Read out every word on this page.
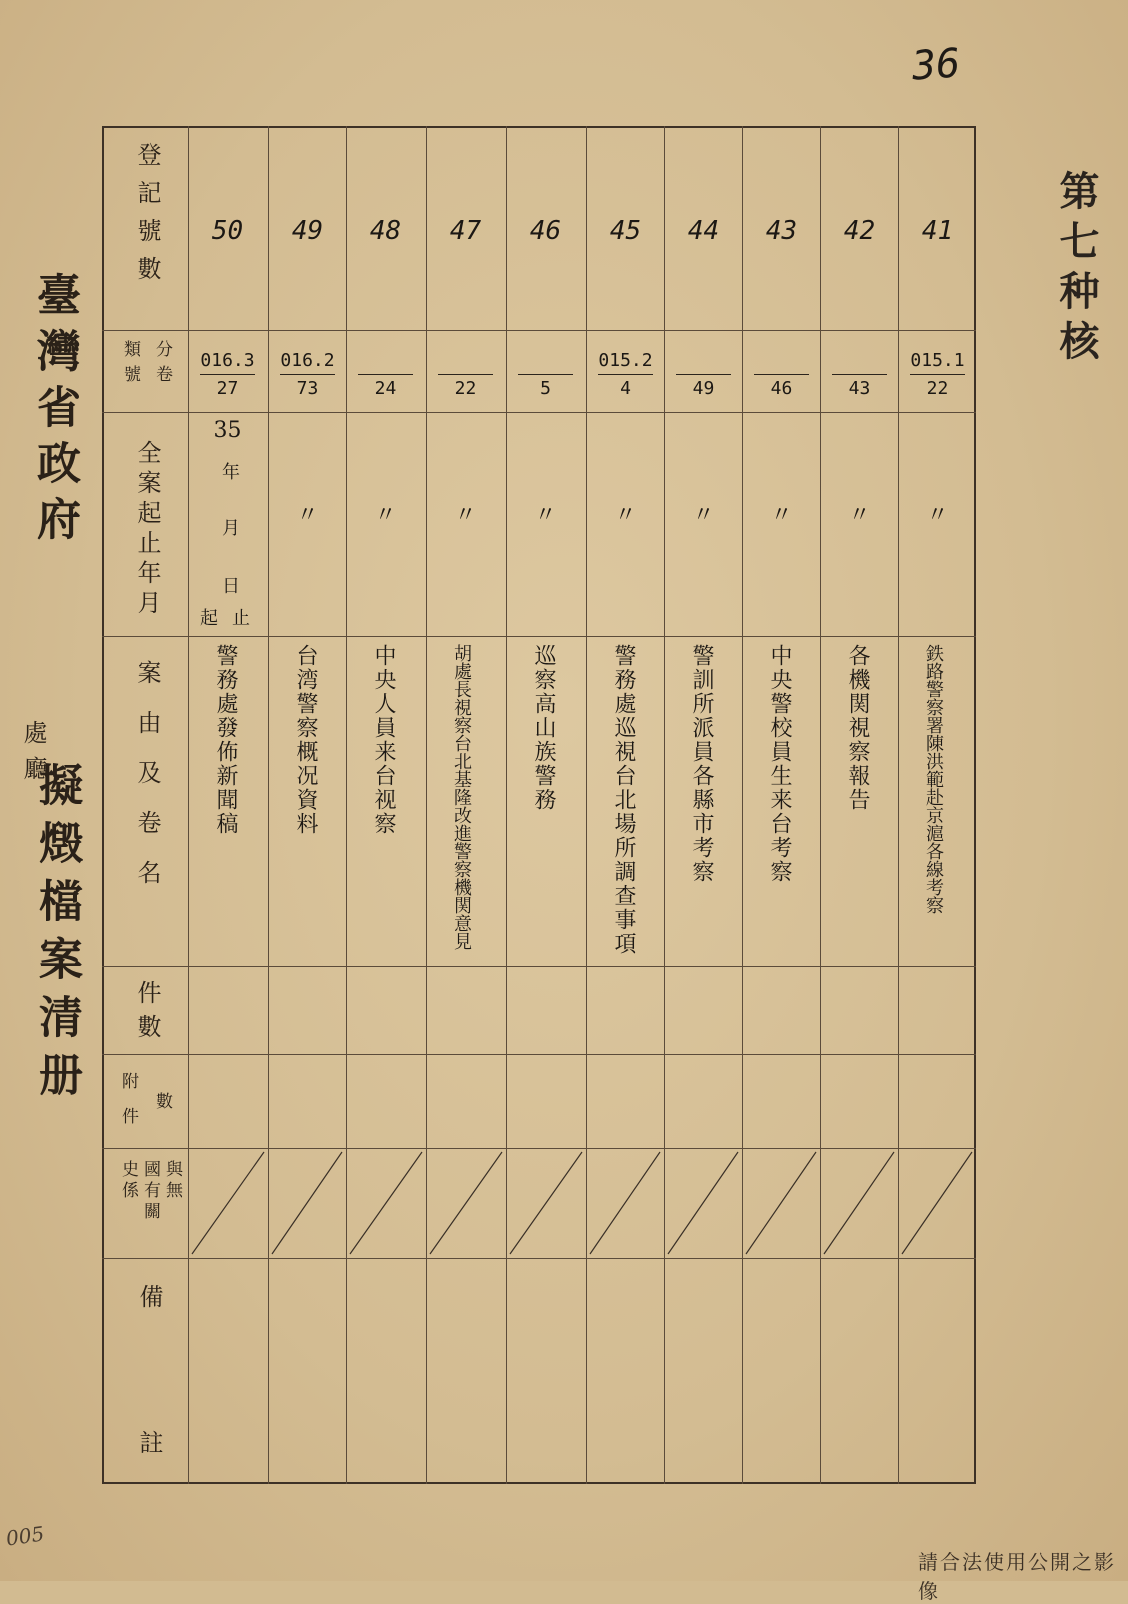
36
臺灣省政府
處廳
擬燬檔案清册
第七种核
登記號數
分卷
類號
全案起止年月
案由及卷名
件數
附件 數
與無
國有關
史係
備
註
年
月
日
起 止
50
016.3
27
35
警務處發佈新聞稿
49
016.2
73
〃
台湾警察概况資料
48
24
〃
中央人員来台视察
47
22
〃
胡處長視察台北基隆改進警察機関意見
46
5
〃
巡察高山族警務
45
015.2
4
〃
警務處巡視台北場所調查事項
44
49
〃
警訓所派員各縣市考察
43
46
〃
中央警校員生来台考察
42
43
〃
各機関視察報告
41
015.1
22
〃
鉄路警察署陳洪範赴京滬各線考察
請合法使用公開之影像
005
